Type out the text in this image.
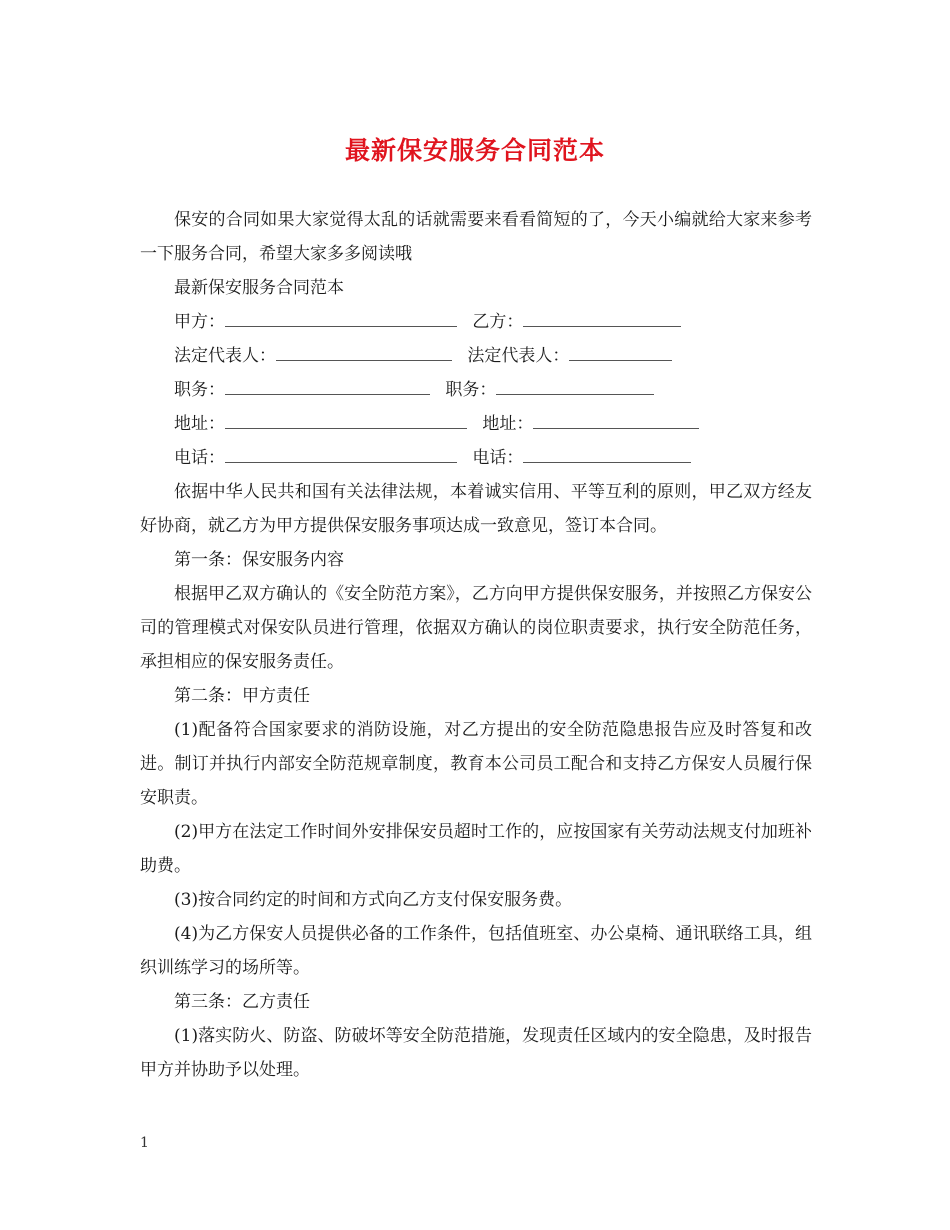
最新保安服务合同范本

保安的合同如果大家觉得太乱的话就需要来看看简短的了，今天小编就给大家来参考一下服务合同，希望大家多多阅读哦

最新保安服务合同范本

甲方：	乙方：
法定代表人：	法定代表人：
职务：	职务：
地址：	地址：
电话：	电话：

依据中华人民共和国有关法律法规，本着诚实信用、平等互利的原则，甲乙双方经友好协商，就乙方为甲方提供保安服务事项达成一致意见，签订本合同。

第一条：保安服务内容

根据甲乙双方确认的《安全防范方案》，乙方向甲方提供保安服务，并按照乙方保安公司的管理模式对保安队员进行管理，依据双方确认的岗位职责要求，执行安全防范任务，承担相应的保安服务责任。

第二条：甲方责任

(1)配备符合国家要求的消防设施，对乙方提出的安全防范隐患报告应及时答复和改进。制订并执行内部安全防范规章制度，教育本公司员工配合和支持乙方保安人员履行保安职责。

(2)甲方在法定工作时间外安排保安员超时工作的，应按国家有关劳动法规支付加班补助费。

(3)按合同约定的时间和方式向乙方支付保安服务费。

(4)为乙方保安人员提供必备的工作条件，包括值班室、办公桌椅、通讯联络工具，组织训练学习的场所等。

第三条：乙方责任

(1)落实防火、防盗、防破坏等安全防范措施，发现责任区域内的安全隐患，及时报告甲方并协助予以处理。

1
